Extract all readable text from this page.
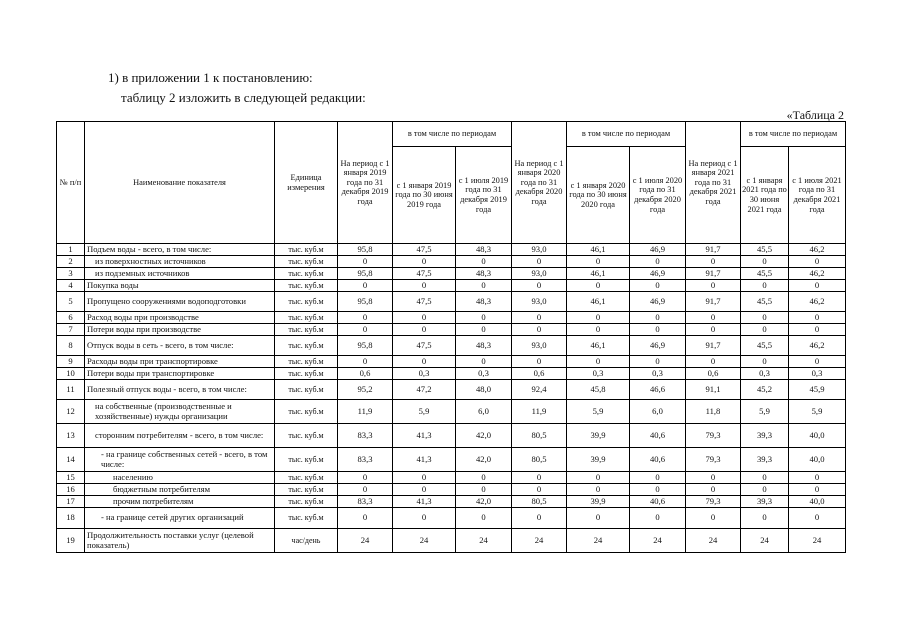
1) в приложении 1 к постановлению:
таблицу 2 изложить в следующей редакции:
«Таблица 2
№ п/п	Наименование показателя	Единица измерения	На период с 1 января 2019 года по 31 декабря 2019 года	в том числе по периодам		На период с 1 января 2020 года по 31 декабря 2020 года	в том числе по периодам		На период с 1 января 2021 года по 31 декабря 2021 года	в том числе по периодам	
				с 1 января 2019 года по 30 июня 2019 года	с 1 июля 2019 года по 31 декабря 2019 года		с 1 января 2020 года по 30 июня 2020 года	с 1 июля 2020 года по 31 декабря 2020 года		с 1 января 2021 года по 30 июня 2021 года	с 1 июля 2021 года по 31 декабря 2021 года
1	Подъем воды - всего, в том числе:	тыс. куб.м	95,8	47,5	48,3	93,0	46,1	46,9	91,7	45,5	46,2
2	из поверхностных источников	тыс. куб.м	0	0	0	0	0	0	0	0	0
3	из подземных источников	тыс. куб.м	95,8	47,5	48,3	93,0	46,1	46,9	91,7	45,5	46,2
4	Покупка воды	тыс. куб.м	0	0	0	0	0	0	0	0	0
5	Пропущено сооружениями водоподготовки	тыс. куб.м	95,8	47,5	48,3	93,0	46,1	46,9	91,7	45,5	46,2
6	Расход воды при производстве	тыс. куб.м	0	0	0	0	0	0	0	0	0
7	Потери воды при производстве	тыс. куб.м	0	0	0	0	0	0	0	0	0
8	Отпуск воды в сеть - всего, в том числе:	тыс. куб.м	95,8	47,5	48,3	93,0	46,1	46,9	91,7	45,5	46,2
9	Расходы воды при транспортировке	тыс. куб.м	0	0	0	0	0	0	0	0	0
10	Потери воды при транспортировке	тыс. куб.м	0,6	0,3	0,3	0,6	0,3	0,3	0,6	0,3	0,3
11	Полезный отпуск воды - всего, в том числе:	тыс. куб.м	95,2	47,2	48,0	92,4	45,8	46,6	91,1	45,2	45,9
12	на собственные (производственные и хозяйственные) нужды организации	тыс. куб.м	11,9	5,9	6,0	11,9	5,9	6,0	11,8	5,9	5,9
13	сторонним потребителям - всего, в том числе:	тыс. куб.м	83,3	41,3	42,0	80,5	39,9	40,6	79,3	39,3	40,0
14	- на границе собственных сетей - всего, в том числе:	тыс. куб.м	83,3	41,3	42,0	80,5	39,9	40,6	79,3	39,3	40,0
15	населению	тыс. куб.м	0	0	0	0	0	0	0	0	0
16	бюджетным потребителям	тыс. куб.м	0	0	0	0	0	0	0	0	0
17	прочим потребителям	тыс. куб.м	83,3	41,3	42,0	80,5	39,9	40,6	79,3	39,3	40,0
18	- на границе сетей других организаций	тыс. куб.м	0	0	0	0	0	0	0	0	0
19	Продолжительность поставки услуг (целевой показатель)	час/день	24	24	24	24	24	24	24	24	24
